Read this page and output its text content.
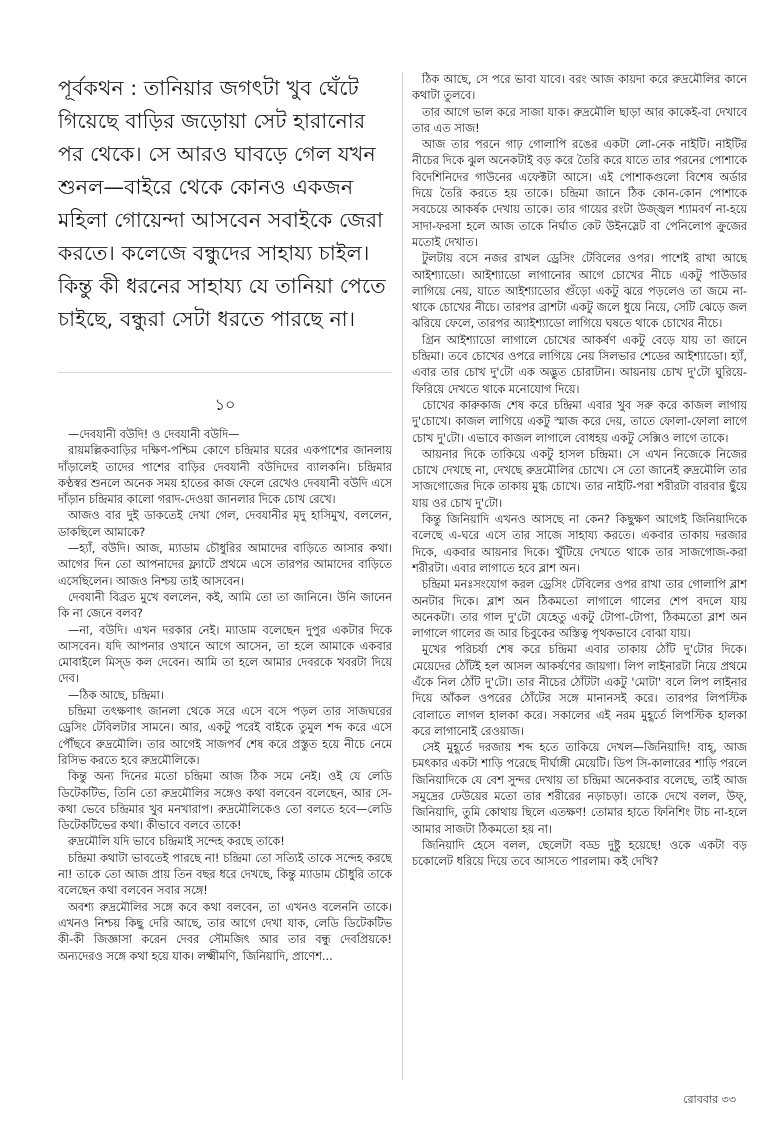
পূর্বকথন : তানিয়ার জগৎটা খুব ঘেঁটে গিয়েছে বাড়ির জড়োয়া সেট হারানোর পর থেকে। সে আরও ঘাবড়ে গেল যখন শুনল—বাইরে থেকে কোনও একজন মহিলা গোয়েন্দা আসবেন সবাইকে জেরা করতে। কলেজে বন্ধুদের সাহায্য চাইল। কিন্তু কী ধরনের সাহায্য যে তানিয়া পেতে চাইছে, বন্ধুরা সেটা ধরতে পারছে না।

১০

—দেবযানী বউদি! ও দেবযানী বউদি—

রায়মল্লিকবাড়ির দক্ষিণ-পশ্চিম কোণে চন্দ্রিমার ঘরের একপাশের জানলায় দাঁড়ালেই তাদের পাশের বাড়ির দেবযানী বউদিদের ব্যালকনি। চন্দ্রিমার কণ্ঠস্বর শুনলে অনেক সময় হাতের কাজ ফেলে রেখেও দেবযানী বউদি এসে দাঁড়ান চন্দ্রিমার কালো গরাদ-দেওয়া জানলার দিকে চোখ রেখে।

আজও বার দুই ডাকতেই দেখা গেল, দেবযানীর মৃদু হাসিমুখ, বললেন, ডাকছিলে আমাকে?

—হ্যাঁ, বউদি। আজ, ম্যাডাম চৌধুরির আমাদের বাড়িতে আসার কথা। আগের দিন তো আপনাদের ফ্ল্যাটে প্রথমে এসে তারপর আমাদের বাড়িতে এসেছিলেন। আজও নিশ্চয় তাই আসবেন।

দেবযানী বিব্রত মুখে বললেন, কই, আমি তো তা জানিনে। উনি জানেন কি না জেনে বলব?

—না, বউদি। এখন দরকার নেই। ম্যাডাম বলেছেন দুপুর একটার দিকে আসবেন। যদি আপনার ওখানে আগে আসেন, তা হলে আমাকে একবার মোবাইলে মিস্‌ড কল দেবেন। আমি তা হলে আমার দেবরকে খবরটা দিয়ে দেব।

—ঠিক আছে, চন্দ্রিমা।

চন্দ্রিমা তৎক্ষণাৎ জানলা থেকে সরে এসে বসে পড়ল তার সাজঘরের ড্রেসিং টেবিলটার সামনে। আর, একটু পরেই বাইকে তুমুল শব্দ করে এসে পৌঁছবে রুদ্রমৌলি। তার আগেই সাজপর্ব শেষ করে প্রস্তুত হয়ে নীচে নেমে রিসিভ করতে হবে রুদ্রমৌলিকে।

কিন্তু অন্য দিনের মতো চন্দ্রিমা আজ ঠিক সমে নেই। ওই যে লেডি ডিটেকটিভ, তিনি তো রুদ্রমৌলির সঙ্গেও কথা বলবেন বলেছেন, আর সে-কথা ভেবে চন্দ্রিমার খুব মনখারাপ। রুদ্রমৌলিকেও তো বলতে হবে—লেডি ডিটেকটিভের কথা। কীভাবে বলবে তাকে!

রুদ্রমৌলি যদি ভাবে চন্দ্রিমাই সন্দেহ করছে তাকে!

চন্দ্রিমা কথাটা ভাবতেই পারছে না! চন্দ্রিমা তো সত্যিই তাকে সন্দেহ করছে না! তাকে তো আজ প্রায় তিন বছর ধরে দেখছে, কিন্তু ম্যাডাম চৌধুরি তাকে বলেছেন কথা বলবেন সবার সঙ্গে!

অবশ্য রুদ্রমৌলির সঙ্গে কবে কথা বলবেন, তা এখনও বলেননি তাকে। এখনও নিশ্চয় কিছু দেরি আছে, তার আগে দেখা যাক, লেডি ডিটেকটিভ কী-কী জিজ্ঞাসা করেন দেবর সৌমজিৎ আর তার বন্ধু দেবপ্রিয়কে! অন্যদেরও সঙ্গে কথা হয়ে যাক। লক্ষ্মীমণি, জিনিয়াদি, প্রাণেশ...

ঠিক আছে, সে পরে ভাবা যাবে। বরং আজ কায়দা করে রুদ্রমৌলির কানে কথাটা তুলবে।

তার আগে ভাল করে সাজা যাক। রুদ্রমৌলি ছাড়া আর কাকেই-বা দেখাবে তার এত সাজ!

আজ তার পরনে গাঢ় গোলাপি রঙের একটা লো-নেক নাইটি। নাইটির নীচের দিকে ঝুল অনেকটাই বড় করে তৈরি করে যাতে তার পরনের পোশাকে বিদেশিনিদের গাউনের এফেক্টটা আসে। এই পোশাকগুলো বিশেষ অর্ডার দিয়ে তৈরি করতে হয় তাকে। চন্দ্রিমা জানে ঠিক কোন-কোন পোশাকে সবচেয়ে আকর্ষক দেখায় তাকে। তার গায়ের রংটা উজ্জ্বল শ্যামবর্ণ না-হয়ে সাদা-ফরসা হলে আজ তাকে নির্ঘাত কেট উইনস্লেট বা পেনিলোপ ক্রুজের মতোই দেখাত।

টুলটায় বসে নজর রাখল ড্রেসিং টেবিলের ওপর। পাশেই রাখা আছে আইশ্যাডো। আইশ্যাডো লাগানোর আগে চোখের নীচে একটু পাউডার লাগিয়ে নেয়, যাতে আইশ্যাডোর গুঁড়ো একটু ঝরে পড়লেও তা জমে না-থাকে চোখের নীচে। তারপর ব্রাশটা একটু জলে ধুয়ে নিয়ে, সেটি ঝেড়ে জল ঝরিয়ে ফেলে, তারপর অ্যাইশ্যাডো লাগিয়ে ঘষতে থাকে চোখের নীচে।

গ্রিন আইশ্যাডো লাগালে চোখের আকর্ষণ একটু বেড়ে যায় তা জানে চন্দ্রিমা। তবে চোখের ওপরে লাগিয়ে নেয় সিলভার শেডের আইশ্যাডো। হ্যাঁ, এবার তার চোখ দু'টো এক অদ্ভুত চোরাটান। আয়নায় চোখ দু'টো ঘুরিয়ে-ফিরিয়ে দেখতে থাকে মনোযোগ দিয়ে।

চোখের কারুকাজ শেষ করে চন্দ্রিমা এবার খুব সরু করে কাজল লাগায় দু'চোখে। কাজল লাগিয়ে একটু স্মাজ করে দেয়, তাতে ফোলা-ফোলা লাগে চোখ দু'টো। এভাবে কাজল লাগালে বোধহয় একটু সেক্সিও লাগে তাকে।

আয়নার দিকে তাকিয়ে একটু হাসল চন্দ্রিমা। সে এখন নিজেকে নিজের চোখে দেখছে না, দেখছে রুদ্রমৌলির চোখে। সে তো জানেই রুদ্রমৌলি তার সাজগোজের দিকে তাকায় মুগ্ধ চোখে। তার নাইটি-পরা শরীরটা বারবার ছুঁয়ে যায় ওর চোখ দু'টো।

কিন্তু জিনিয়াদি এখনও আসছে না কেন? কিছুক্ষণ আগেই জিনিয়াদিকে বলেছে এ-ঘরে এসে তার সাজে সাহায্য করতে। একবার তাকায় দরজার দিকে, একবার আয়নার দিকে। খুঁটিয়ে দেখতে থাকে তার সাজগোজ-করা শরীরটা। এবার লাগাতে হবে ব্লাশ অন।

চন্দ্রিমা মনঃসংযোগ করল ড্রেসিং টেবিলের ওপর রাখা তার গোলাপি ব্লাশ অনটার দিকে। ব্লাশ অন ঠিকমতো লাগালে গালের শেপ বদলে যায় অনেকটা। তার গাল দু'টো যেহেতু একটু টোপা-টোপা, ঠিকমতো ব্লাশ অন লাগালে গালের জ আর চিবুকের অস্তিত্ব পৃথকভাবে বোঝা যায়।

মুখের পরিচর্যা শেষ করে চন্দ্রিমা এবার তাকায় ঠোঁট দু'টোর দিকে। মেয়েদের ঠোঁটই হল আসল আকর্ষণের জায়গা। লিপ লাইনারটা নিয়ে প্রথমে এঁকে নিল ঠোঁট দু'টো। তার নীচের ঠোঁটটা একটু 'মোটা' বলে লিপ লাইনার দিয়ে আঁকল ওপরের ঠোঁটের সঙ্গে মানানসই করে। তারপর লিপস্টিক বোলাতে লাগল হালকা করে। সকালের এই নরম মুহূর্তে লিপস্টিক হালকা করে লাগানোই রেওয়াজ।

সেই মুহূর্তে দরজায় শব্দ হতে তাকিয়ে দেখল—জিনিয়াদি! বাহ্‌, আজ চমৎকার একটা শাড়ি পরেছে দীর্ঘাঙ্গী মেয়েটি। ডিপ সি-কালারের শাড়ি পরলে জিনিয়াদিকে যে বেশ সুন্দর দেখায় তা চন্দ্রিমা অনেকবার বলেছে, তাই আজ সমুদ্রের ঢেউয়ের মতো তার শরীরের নড়াচড়া। তাকে দেখে বলল, উফ্‌, জিনিয়াদি, তুমি কোথায় ছিলে এতক্ষণ! তোমার হাতে ফিনিশিং টাচ না-হলে আমার সাজটা ঠিকমতো হয় না।

জিনিয়াদি হেসে বলল, ছেলেটা বড্ড দুষ্টু হয়েছে! ওকে একটা বড় চকোলেট ধরিয়ে দিয়ে তবে আসতে পারলাম। কই দেখি?

রোববার ৩৩
